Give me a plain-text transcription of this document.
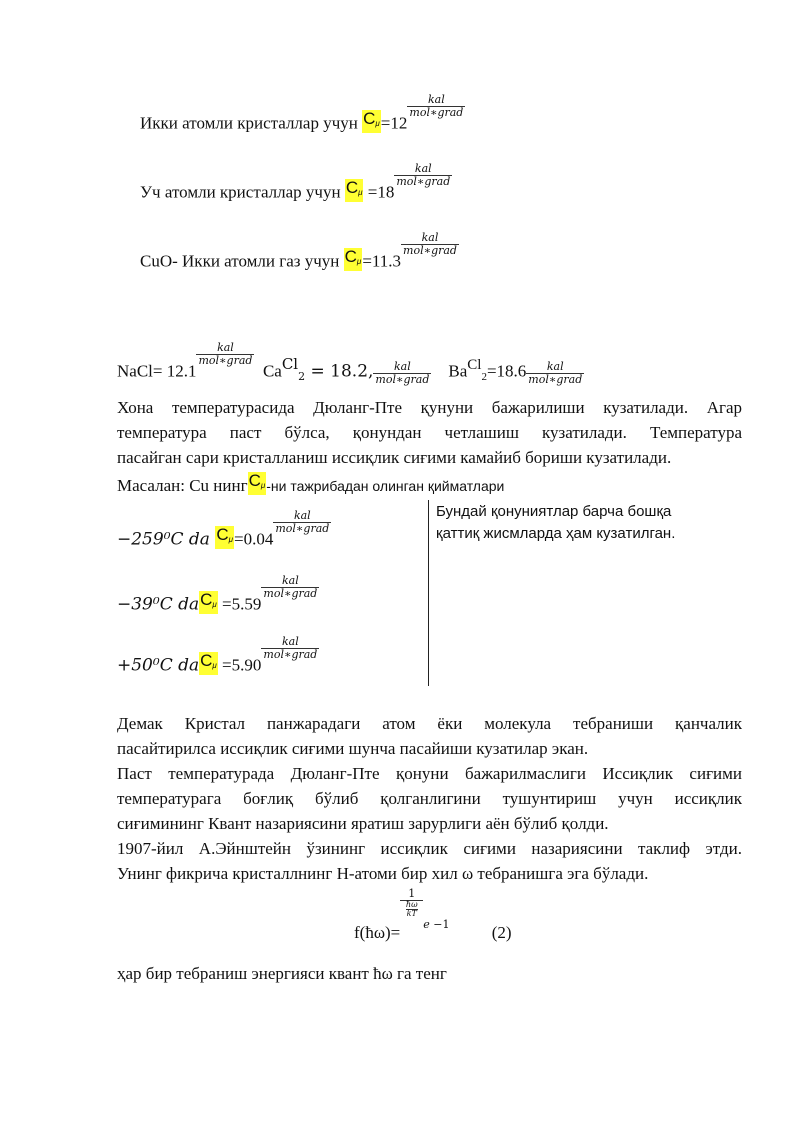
Икки атомли кристаллар учун $C_\mu=12$
$\frac{\text{kal}}{\text{mol∗grad}}$
Уч атомли кристаллар учун $C_\mu =18$
$\frac{\text{kal}}{\text{mol∗grad}}$
CuO- Икки атомли газ учун $C_\mu=11.3$
$\frac{\text{kal}}{\text{mol∗grad}}$
NaCl= 12.1
$\frac{\text{kal}}{\text{mol∗grad}}$
CaCl2 = 18.2, $\frac{\text{kal}}{\text{mol∗grad}}$ BaCl2=18.6 $\frac{\text{kal}}{\text{mol∗grad}}$
Хона температурасида Дюланг-Пте қунуни бажарилиши кузатилади. Агар
температура паст бўлса, қонундан четлашиш кузатилади. Температура
пасайган сари кристалланиш иссиқлик сиғими камайиб бориши кузатилади.
Масалан: Cu нингC$_\mu$-ни тажрибадан олинган қийматлари
−259⁰C da $C_\mu=0.04$
$\frac{\text{kal}}{\text{mol∗grad}}$
−39⁰C daC$_\mu$ =5.59
$\frac{\text{kal}}{\text{mol∗grad}}$
+50⁰C daC$_\mu$ =5.90
$\frac{\text{kal}}{\text{mol∗grad}}$
Бундай қонуниятлар барча бошқа
қаттиқ жисмларда ҳам кузатилган.
Демак Кристал панжарадаги атом ёки молекула тебраниши қанчалик
пасайтирилса иссиқлик сиғими шунча пасайиши кузатилар экан.
Паст температурада Дюланг-Пте қонуни бажарилмаслиги Иссиқлик сиғими
температурага боғлиқ бўлиб қолганлигини тушунтириш учун иссиқлик
сиғимининг Квант назариясини яратиш зарурлиги аён бўлиб қолди.
1907-йил А.Эйнштейн ўзининг иссиқлик сиғими назариясини таклиф этди.
Унинг фикрича кристаллнинг Н-атоми бир хил ω тебранишга эга бўлади.
f(ħω)=
1
$\frac{ħ\omega}{kT}$
$^e$ $^{-1}$ (2)
ҳар бир тебраниш энергияси квант ħω га тенг
